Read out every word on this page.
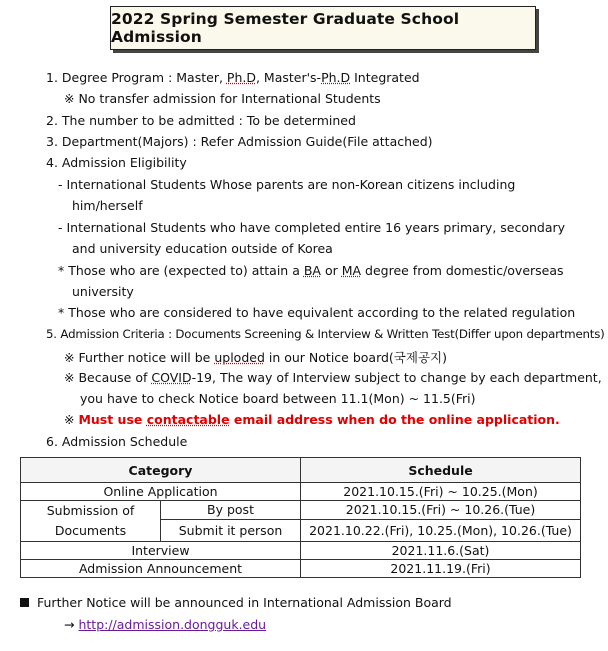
2022 Spring Semester Graduate School Admission
1. Degree Program : Master, Ph.D, Master's-Ph.D Integrated
※ No transfer admission for International Students
2. The number to be admitted : To be determined
3. Department(Majors) : Refer Admission Guide(File attached)
4. Admission Eligibility
- International Students Whose parents are non-Korean citizens including
him/herself
- International Students who have completed entire 16 years primary, secondary
and university education outside of Korea
* Those who are (expected to) attain a BA or MA degree from domestic/overseas
university
* Those who are considered to have equivalent according to the related regulation
5. Admission Criteria : Documents Screening & Interview & Written Test(Differ upon departments)
※ Further notice will be uploded in our Notice board(국제공지)
※ Because of COVID-19, The way of Interview subject to change by each department,
you have to check Notice board between 11.1(Mon) ~ 11.5(Fri)
※ Must use contactable email address when do the online application.
6. Admission Schedule
Category		Schedule
Online Application		2021.10.15.(Fri) ~ 10.25.(Mon)
Submission of Documents	By post	2021.10.15.(Fri) ~ 10.26.(Tue)
	Submit it person	2021.10.22.(Fri), 10.25.(Mon), 10.26.(Tue)
Interview		2021.11.6.(Sat)
Admission Announcement		2021.11.19.(Fri)
Further Notice will be announced in International Admission Board
→ http://admission.dongguk.edu
